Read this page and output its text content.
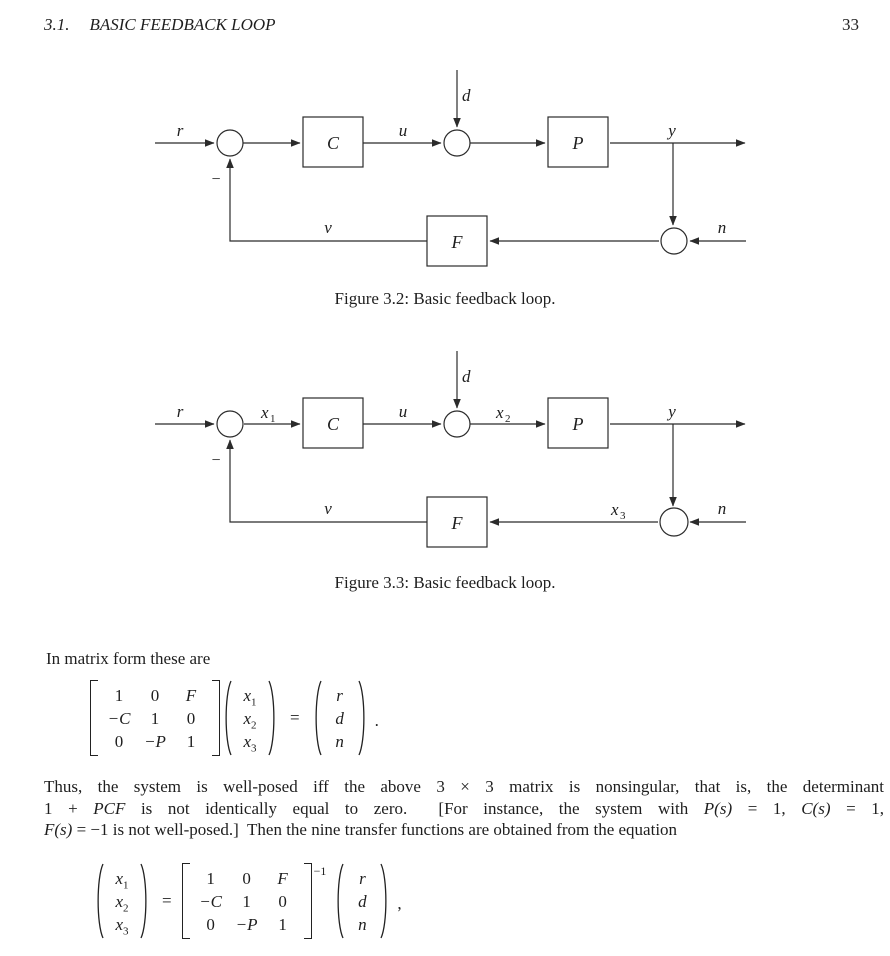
3.1. BASIC FEEDBACK LOOP	33
r	u
d
y
n
v
−
C	P
F
Figure 3.2: Basic feedback loop.
r	x 1	u
d
x 2	y
x 3	n
v
−
C	P
F
Figure 3.3: Basic feedback loop.
In matrix form these are
1	0	F
−C	1	0
0	−P	1
$x_1$
$x_2$
$x_3$
=
r
d
n
.
Thus, the system is well-posed iff the above 3 × 3 matrix is nonsingular, that is, the determinant
1 + PCF is not identically equal to zero.  [For instance, the system with P(s) = 1, C(s) = 1,
F(s) = −1 is not well-posed.]  Then the nine transfer functions are obtained from the equation
$x_1$
$x_2$
$x_3$
=
1	0	F
−C	1	0
0	−P	1
−1	r
d
n
,
